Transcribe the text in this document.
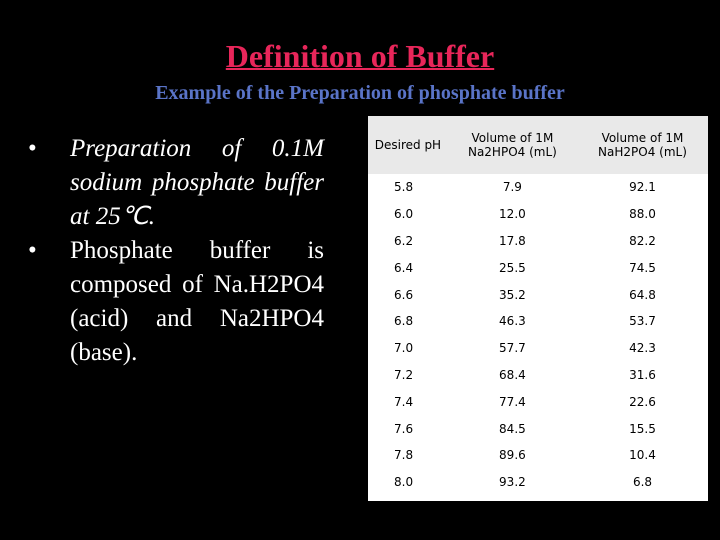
Definition of Buffer
Example of the Preparation of phosphate buffer
• Preparation of 0.1M sodium phosphate buffer at 25℃.
• Phosphate buffer is composed of Na.H2PO4 (acid) and Na2HPO4 (base).
Desired pH	Volume of 1M Na2HPO4 (mL)	Volume of 1M NaH2PO4 (mL)
5.8	7.9	92.1
6.0	12.0	88.0
6.2	17.8	82.2
6.4	25.5	74.5
6.6	35.2	64.8
6.8	46.3	53.7
7.0	57.7	42.3
7.2	68.4	31.6
7.4	77.4	22.6
7.6	84.5	15.5
7.8	89.6	10.4
8.0	93.2	6.8
Samar A. Damiati
